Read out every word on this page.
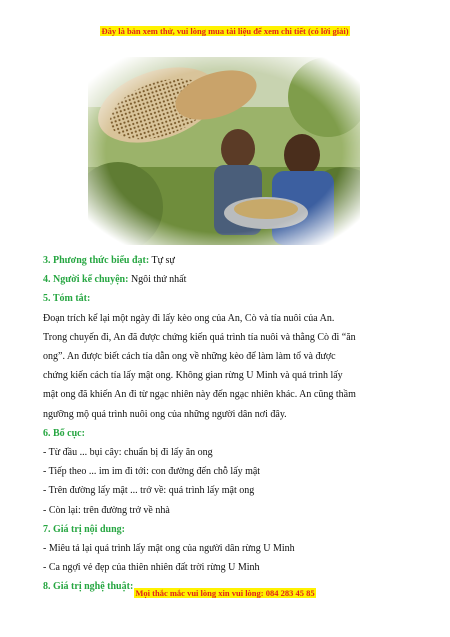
Đây là bản xem thử, vui lòng mua tài liệu để xem chi tiết (có lời giải)

3. Phương thức biểu đạt: Tự sự

4. Người kể chuyện: Ngôi thứ nhất

5. Tóm tắt:

Đoạn trích kể lại một ngày đi lấy kèo ong của An, Cò và tía nuôi của An.

Trong chuyến đi, An đã được chứng kiến quá trình tía nuôi và thằng Cò đi “ăn

ong”. An được biết cách tía dẫn ong về những kèo để làm làm tổ và được

chứng kiến cách tía lấy mật ong. Không gian rừng U Minh và quá trình lấy

mật ong đã khiến An đi từ ngạc nhiên này đến ngạc nhiên khác. An cũng thầm

ngưỡng mộ quá trình nuôi ong của những người dân nơi đây.

6. Bố cục:

- Từ đầu ... bụi cây: chuẩn bị đi lấy ăn ong

- Tiếp theo ... im im đi tới: con đường đến chỗ lấy mật

- Trên đường lấy mật ... trở về: quá trình lấy mật ong

- Còn lại: trên đường trở về nhà

7. Giá trị nội dung:

- Miêu tả lại quá trình lấy mật ong của người dân rừng U Minh

- Ca ngợi vẻ đẹp của thiên nhiên đất trời rừng U Minh

8. Giá trị nghệ thuật:

Mọi thắc mắc vui lòng xin vui lòng: 084 283 45 85
